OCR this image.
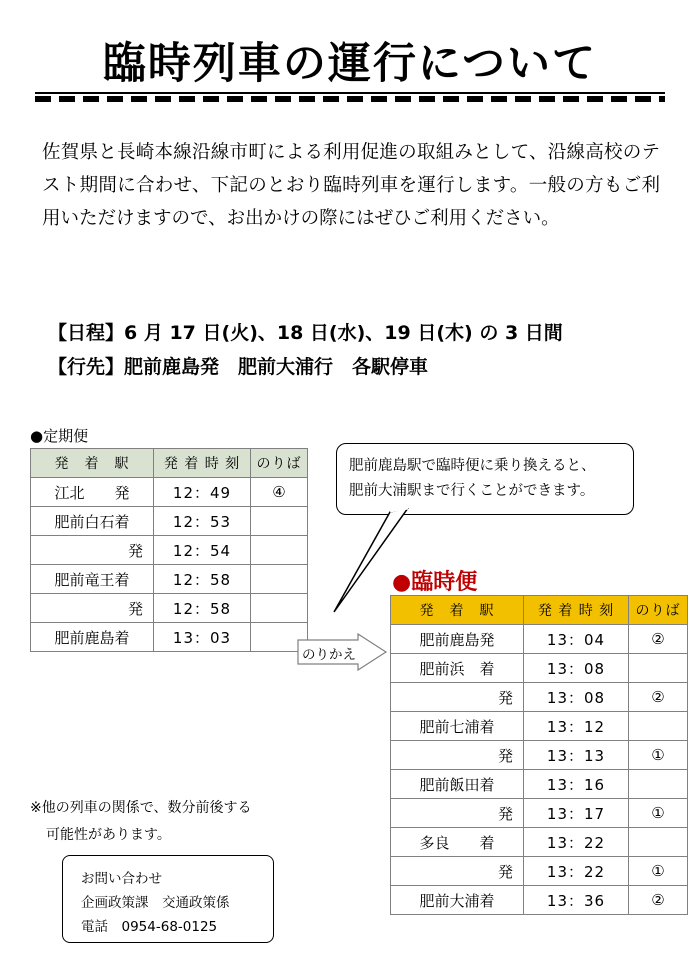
臨時列車の運行について
佐賀県と長崎本線沿線市町による利用促進の取組みとして、沿線高校のテスト期間に合わせ、下記のとおり臨時列車を運行します。一般の方もご利用いただけますので、お出かけの際にはぜひご利用ください。
【日程】6 月 17 日(火)、18 日(水)、19 日(木) の 3 日間
【行先】肥前鹿島発　肥前大浦行　各駅停車
●定期便
発　着　駅	発 着 時 刻	のりば
江北　　発	12：49	④
肥前白石着	12：53	
発	12：54	
肥前竜王着	12：58	
発	12：58	
肥前鹿島着	13：03	
肥前鹿島駅で臨時便に乗り換えると、
肥前大浦駅まで行くことができます。
のりかえ
●臨時便
発　着　駅	発 着 時 刻	のりば
肥前鹿島発	13：04	②
肥前浜　着	13：08	
発	13：08	②
肥前七浦着	13：12	
発	13：13	①
肥前飯田着	13：16	
発	13：17	①
多良　　着	13：22	
発	13：22	①
肥前大浦着	13：36	②
※他の列車の関係で、数分前後する
可能性があります。
お問い合わせ
企画政策課　交通政策係
電話　0954-68-0125
